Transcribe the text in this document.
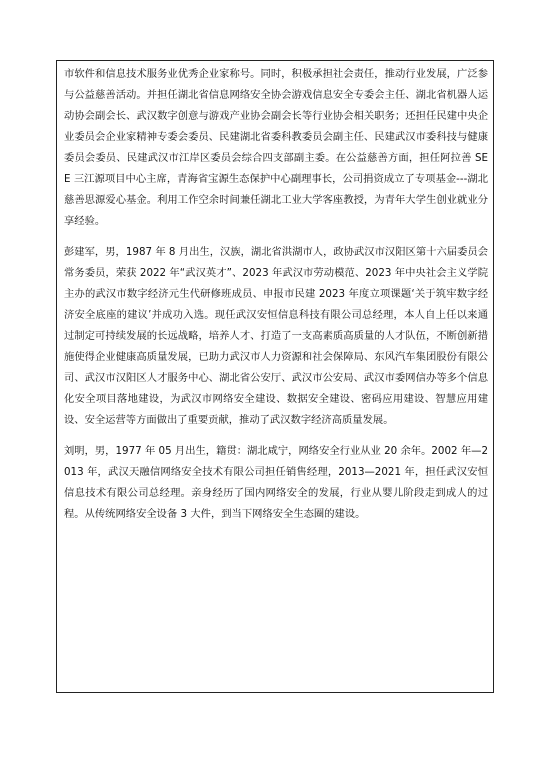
市软件和信息技术服务业优秀企业家称号。同时，积极承担社会责任，推动行业发展，广泛参与公益慈善活动。并担任湖北省信息网络安全协会游戏信息安全专委会主任、湖北省机器人运动协会副会长、武汉数字创意与游戏产业协会副会长等行业协会相关职务；还担任民建中央企业委员会企业家精神专委会委员、民建湖北省委科教委员会副主任、民建武汉市委科技与健康委员会委员、民建武汉市江岸区委员会综合四支部副主委。在公益慈善方面，担任阿拉善 SEE 三江源项目中心主席，青海省宝源生态保护中心副理事长，公司捐资成立了专项基金---湖北慈善思源爱心基金。利用工作空余时间兼任湖北工业大学客座教授，为青年大学生创业就业分享经验。

彭建军，男，1987 年 8 月出生，汉族，湖北省洪湖市人，政协武汉市汉阳区第十六届委员会常务委员，荣获 2022 年“武汉英才”、2023 年武汉市劳动模范、2023 年中央社会主义学院主办的武汉市数字经济元生代研修班成员、申报市民建 2023 年度立项课题‘关于筑牢数字经济安全底座的建议’并成功入选。现任武汉安恒信息科技有限公司总经理，本人自上任以来通过制定可持续发展的长远战略，培养人才、打造了一支高素质高质量的人才队伍，不断创新措施使得企业健康高质量发展，已助力武汉市人力资源和社会保障局、东风汽车集团股份有限公司、武汉市汉阳区人才服务中心、湖北省公安厅、武汉市公安局、武汉市委网信办等多个信息化安全项目落地建设，为武汉市网络安全建设、数据安全建设、密码应用建设、智慧应用建设、安全运营等方面做出了重要贡献，推动了武汉数字经济高质量发展。

刘明，男，1977 年 05 月出生，籍贯：湖北咸宁，网络安全行业从业 20 余年。2002 年—2013 年，武汉天融信网络安全技术有限公司担任销售经理，2013—2021 年，担任武汉安恒信息技术有限公司总经理。亲身经历了国内网络安全的发展，行业从婴儿阶段走到成人的过程。从传统网络安全设备 3 大件，到当下网络安全生态圈的建设。
